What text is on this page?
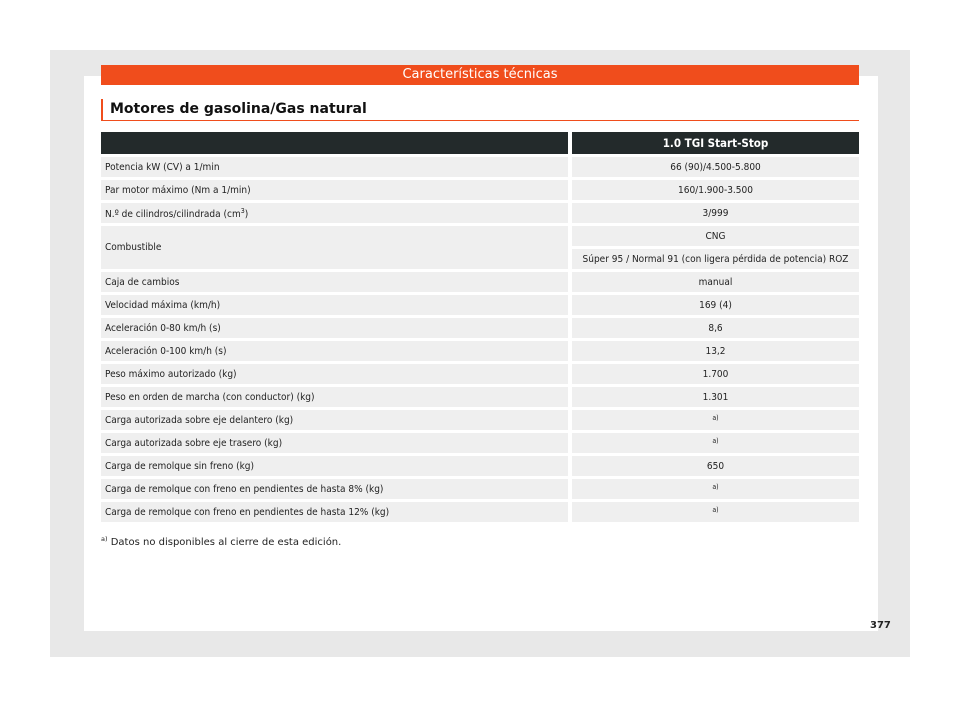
Características técnicas
Motores de gasolina/Gas natural
	1.0 TGI Start-Stop
Potencia kW (CV) a 1/min	66 (90)/4.500-5.800
Par motor máximo (Nm a 1/min)	160/1.900-3.500
N.º de cilindros/cilindrada $(cm^3)$	3/999
Combustible	CNG
	Súper 95 / Normal 91 (con ligera pérdida de potencia) ROZ
Caja de cambios	manual
Velocidad máxima (km/h)	169 (4)
Aceleración 0-80 km/h (s)	8,6
Aceleración 0-100 km/h (s)	13,2
Peso máximo autorizado (kg)	1.700
Peso en orden de marcha (con conductor) (kg)	1.301
Carga autorizada sobre eje delantero (kg)	$^{a)}$
Carga autorizada sobre eje trasero (kg)	$^{a)}$
Carga de remolque sin freno (kg)	650
Carga de remolque con freno en pendientes de hasta 8% (kg)	$^{a)}$
Carga de remolque con freno en pendientes de hasta 12% (kg)	$^{a)}$
$^{a)}$ Datos no disponibles al cierre de esta edición.
377
